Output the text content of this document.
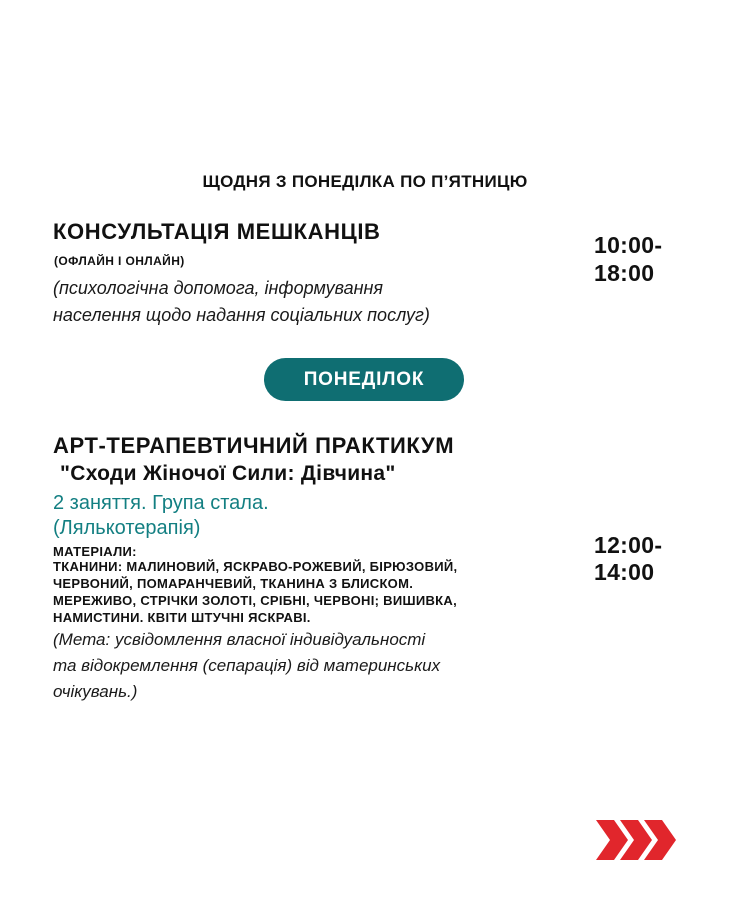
ЩОДНЯ З ПОНЕДІЛКА ПО П’ЯТНИЦЮ
КОНСУЛЬТАЦІЯ МЕШКАНЦІВ
(ОФЛАЙН І ОНЛАЙН)
(психологічна допомога, інформування
населення щодо надання соціальних послуг)
10:00-
18:00
ПОНЕДІЛОК
АРТ-ТЕРАПЕВТИЧНИЙ ПРАКТИКУМ
"Сходи Жіночої Сили: Дівчина"
2 заняття. Група стала.
(Лялькотерапія)
МАТЕРІАЛИ:
ТКАНИНИ: МАЛИНОВИЙ, ЯСКРАВО-РОЖЕВИЙ, БІРЮЗОВИЙ,
ЧЕРВОНИЙ, ПОМАРАНЧЕВИЙ, ТКАНИНА З БЛИСКОМ.
МЕРЕЖИВО, СТРІЧКИ ЗОЛОТІ, СРІБНІ, ЧЕРВОНІ; ВИШИВКА,
НАМИСТИНИ. КВІТИ ШТУЧНІ ЯСКРАВІ.
(Мета: усвідомлення власної індивідуальності
та відокремлення (сепарація) від материнських
очікувань.)
12:00-
14:00
